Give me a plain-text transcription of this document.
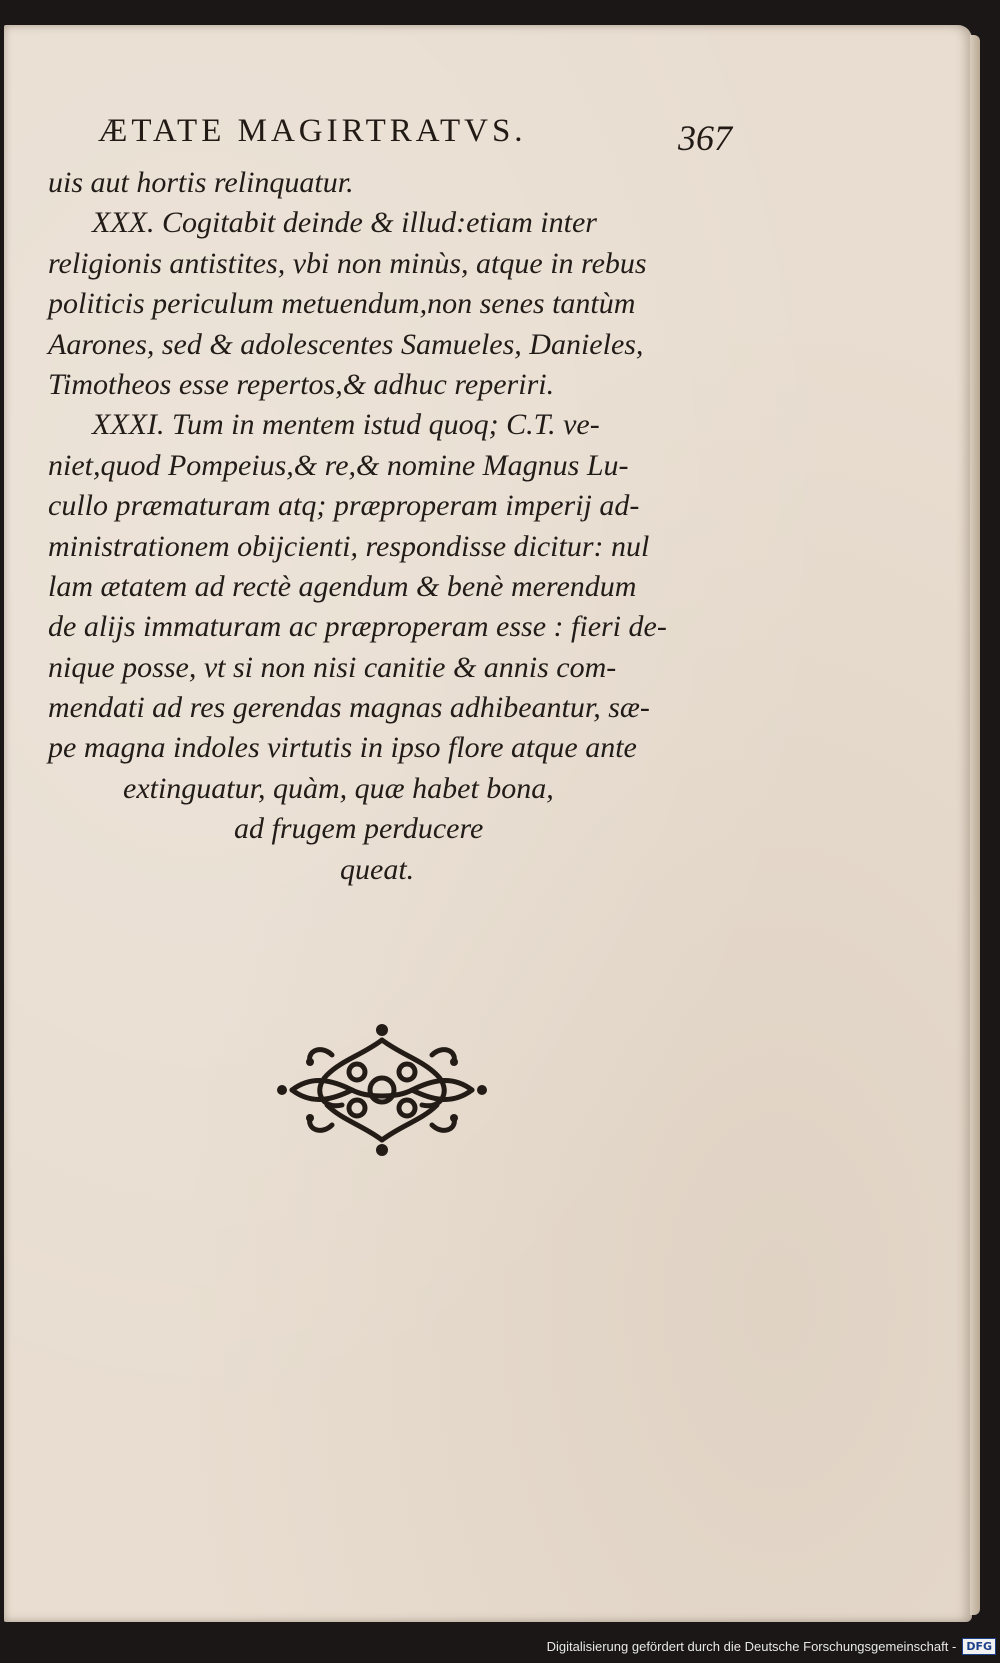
ÆTATE MAGIRTRATVS.	367
uis aut hortis relinquatur.
XXX. Cogitabit deinde & illud:etiam inter
religionis antistites, vbi non minùs, atque in rebus
politicis periculum metuendum,non senes tantùm
Aarones, sed & adolescentes Samueles, Danieles,
Timotheos esse repertos,& adhuc reperiri.
XXXI. Tum in mentem istud quoq; C.T. ve-
niet,quod Pompeius,& re,& nomine Magnus Lu-
cullo præmaturam atq; præproperam imperij ad-
ministrationem obijcienti, respondisse dicitur: nul
lam ætatem ad rectè agendum & benè merendum
de alijs immaturam ac præproperam esse : fieri de-
nique posse, vt si non nisi canitie & annis com-
mendati ad res gerendas magnas adhibeantur, sæ-
pe magna indoles virtutis in ipso flore atque ante
extinguatur, quàm, quæ habet bona,
ad frugem perducere
queat.
Digitalisierung gefördert durch die Deutsche Forschungsgemeinschaft - DFG
